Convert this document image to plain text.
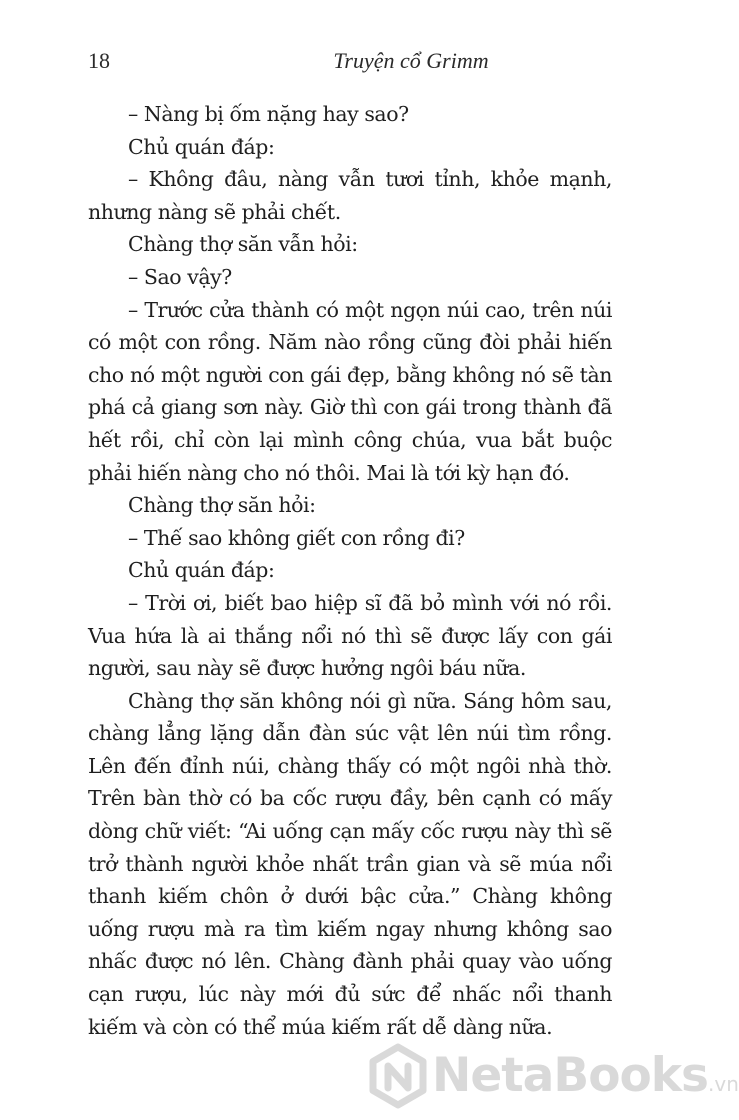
18	Truyện cổ Grimm

– Nàng bị ốm nặng hay sao?

Chủ quán đáp:

– Không đâu, nàng vẫn tươi tỉnh, khỏe mạnh, nhưng nàng sẽ phải chết.

Chàng thợ săn vẫn hỏi:

– Sao vậy?

– Trước cửa thành có một ngọn núi cao, trên núi có một con rồng. Năm nào rồng cũng đòi phải hiến cho nó một người con gái đẹp, bằng không nó sẽ tàn phá cả giang sơn này. Giờ thì con gái trong thành đã hết rồi, chỉ còn lại mình công chúa, vua bắt buộc phải hiến nàng cho nó thôi. Mai là tới kỳ hạn đó.

Chàng thợ săn hỏi:

– Thế sao không giết con rồng đi?

Chủ quán đáp:

– Trời ơi, biết bao hiệp sĩ đã bỏ mình với nó rồi. Vua hứa là ai thắng nổi nó thì sẽ được lấy con gái người, sau này sẽ được hưởng ngôi báu nữa.

Chàng thợ săn không nói gì nữa. Sáng hôm sau, chàng lẳng lặng dẫn đàn súc vật lên núi tìm rồng. Lên đến đỉnh núi, chàng thấy có một ngôi nhà thờ. Trên bàn thờ có ba cốc rượu đầy, bên cạnh có mấy dòng chữ viết: “Ai uống cạn mấy cốc rượu này thì sẽ trở thành người khỏe nhất trần gian và sẽ múa nổi thanh kiếm chôn ở dưới bậc cửa.” Chàng không uống rượu mà ra tìm kiếm ngay nhưng không sao nhấc được nó lên. Chàng đành phải quay vào uống cạn rượu, lúc này mới đủ sức để nhấc nổi thanh kiếm và còn có thể múa kiếm rất dễ dàng nữa.

NetaBooks.vn
